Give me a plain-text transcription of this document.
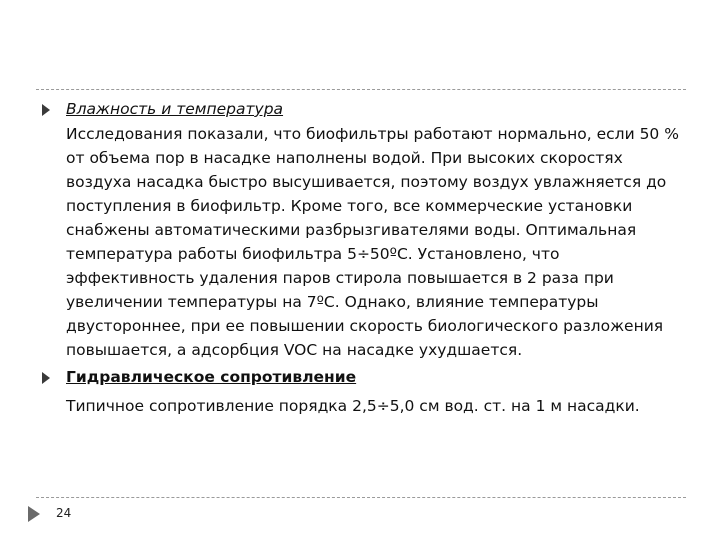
Влажность и температура

Исследования показали, что биофильтры работают нормально, если 50 % от объема пор в насадке наполнены водой. При высоких скоростях воздуха насадка быстро высушивается, поэтому воздух увлажняется до поступления в биофильтр. Кроме того, все коммерческие установки снабжены автоматическими разбрызгивателями воды. Оптимальная температура работы биофильтра 5÷50ºС. Установлено, что эффективность удаления паров стирола повышается в 2 раза при увеличении температуры на 7ºС. Однако, влияние температуры двустороннее, при ее повышении скорость биологического разложения повышается, а адсорбция VOC на насадке ухудшается.

Гидравлическое сопротивление

Типичное сопротивление порядка 2,5÷5,0 см вод. ст. на 1 м насадки.

24
